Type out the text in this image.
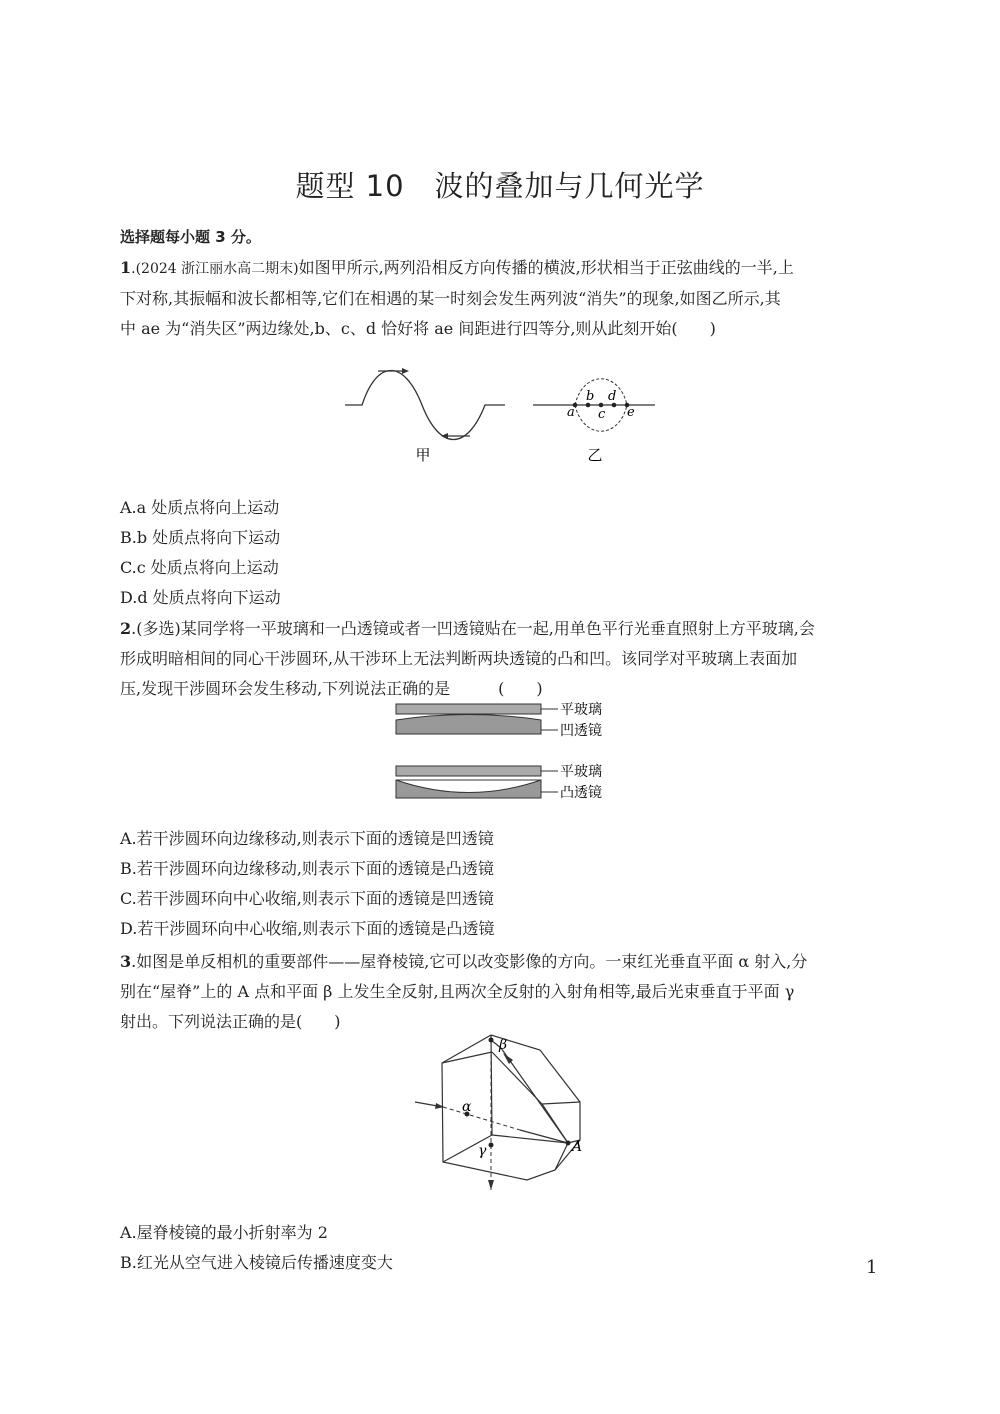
题型 10　波的叠加与几何光学
选择题每小题 3 分。
1.(2024 浙江丽水高二期末)如图甲所示,两列沿相反方向传播的横波,形状相当于正弦曲线的一半,上
下对称,其振幅和波长都相等,它们在相遇的某一时刻会发生两列波“消失”的现象,如图乙所示,其
中 ae 为“消失区”两边缘处,b、c、d 恰好将 ae 间距进行四等分,则从此刻开始(　　)
甲
a
b
c
d
e
乙
A.a 处质点将向上运动
B.b 处质点将向下运动
C.c 处质点将向上运动
D.d 处质点将向下运动
2.(多选)某同学将一平玻璃和一凸透镜或者一凹透镜贴在一起,用单色平行光垂直照射上方平玻璃,会
形成明暗相间的同心干涉圆环,从干涉环上无法判断两块透镜的凸和凹。该同学对平玻璃上表面加
压,发现干涉圆环会发生移动,下列说法正确的是　　　(　　)
平玻璃
凹透镜
平玻璃
凸透镜
A.若干涉圆环向边缘移动,则表示下面的透镜是凹透镜
B.若干涉圆环向边缘移动,则表示下面的透镜是凸透镜
C.若干涉圆环向中心收缩,则表示下面的透镜是凹透镜
D.若干涉圆环向中心收缩,则表示下面的透镜是凸透镜
3.如图是单反相机的重要部件——屋脊棱镜,它可以改变影像的方向。一束红光垂直平面 α 射入,分
别在“屋脊”上的 A 点和平面 β 上发生全反射,且两次全反射的入射角相等,最后光束垂直于平面 γ
射出。下列说法正确的是(　　)
α
β
γ	A
A.屋脊棱镜的最小折射率为 2
B.红光从空气进入棱镜后传播速度变大	1
